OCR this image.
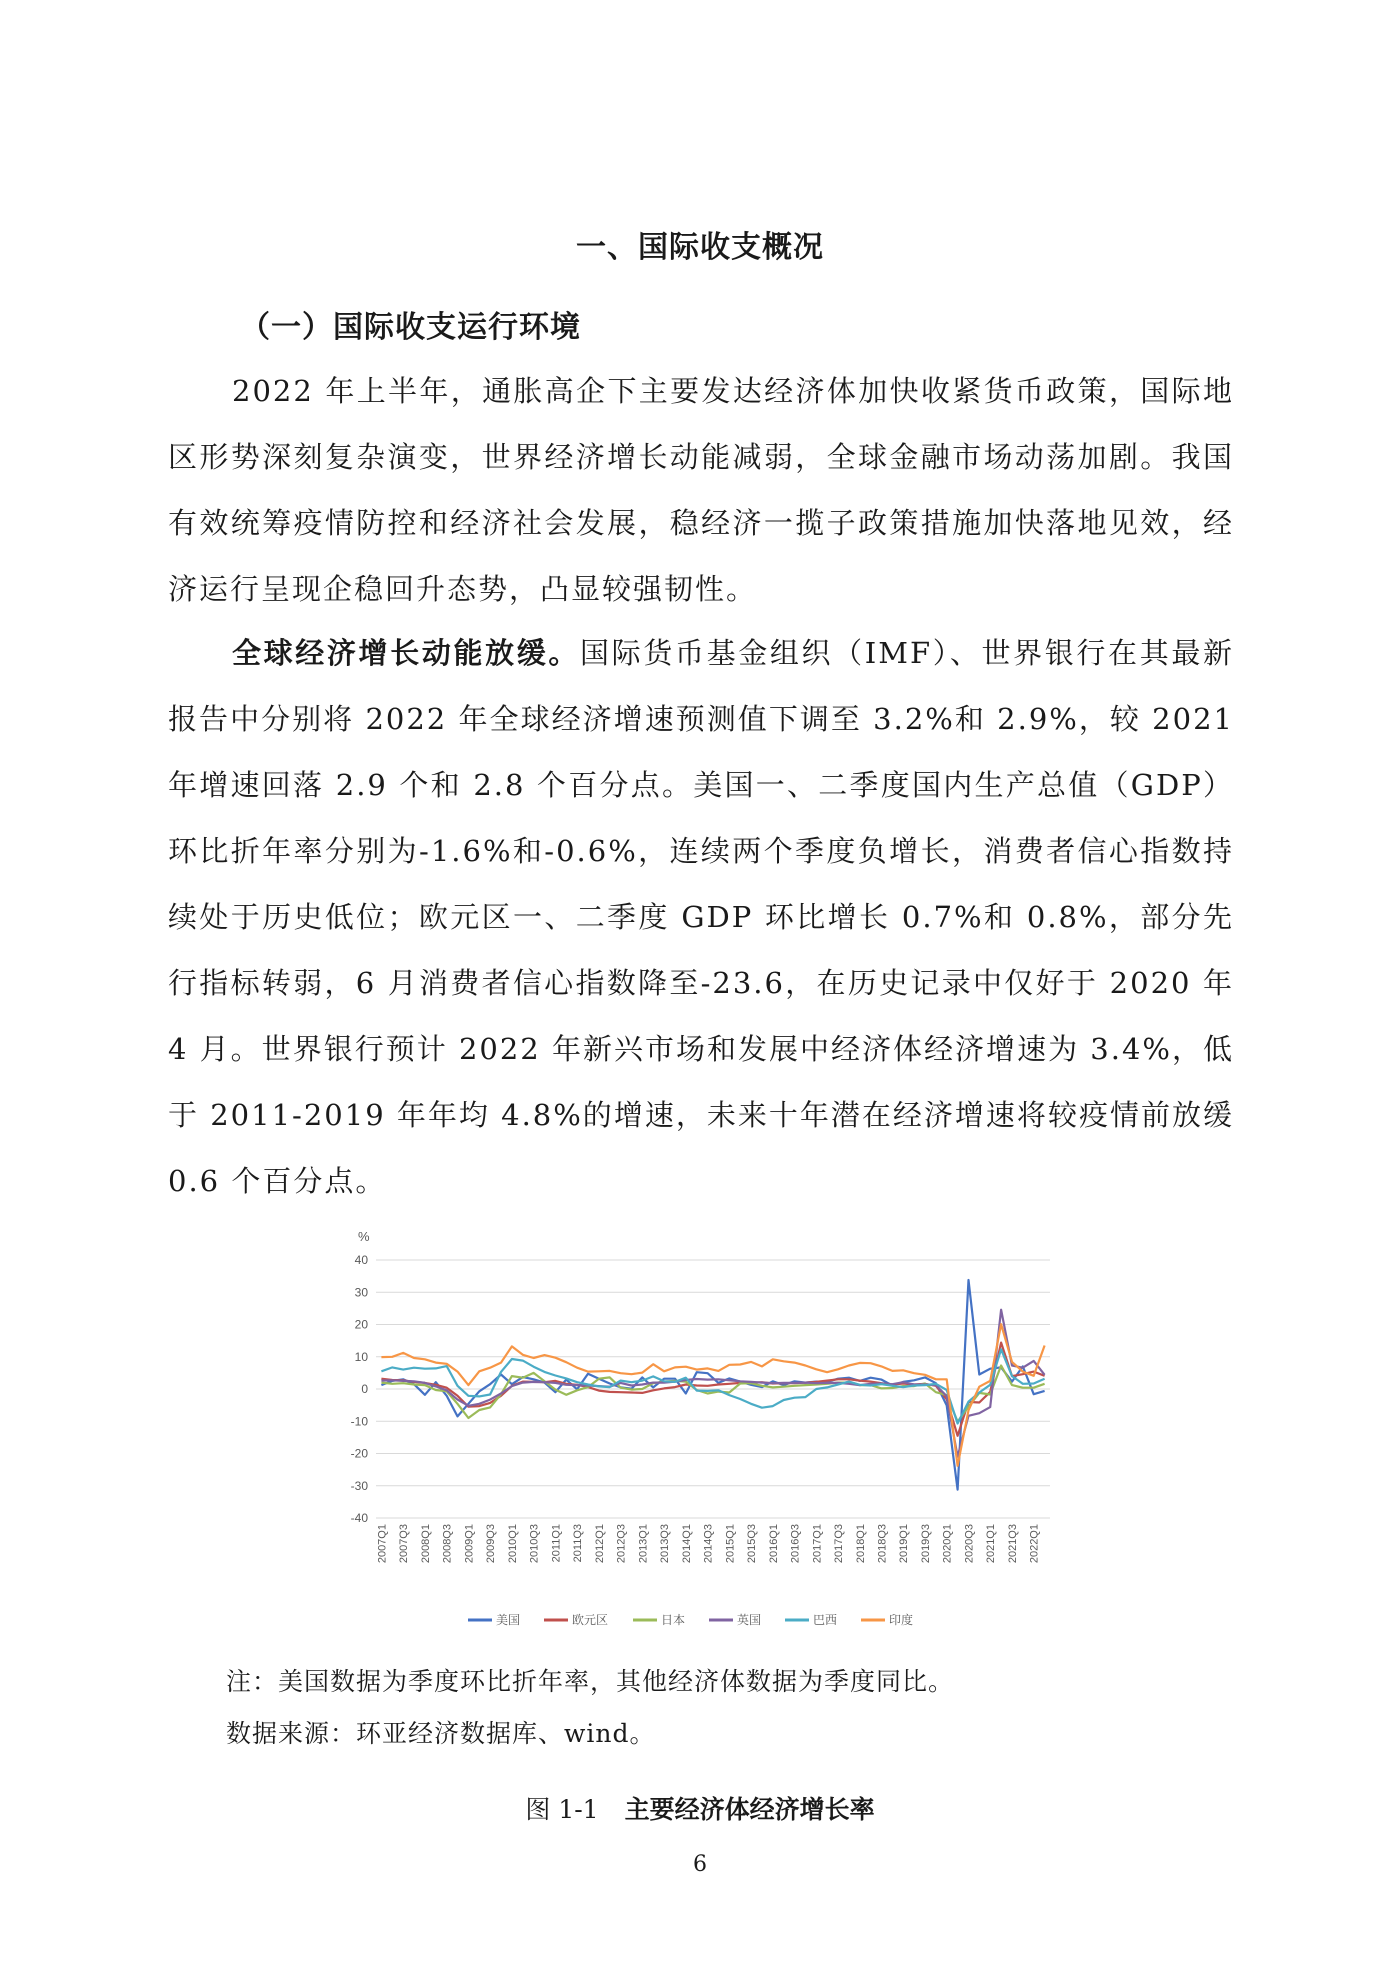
一、国际收支概况
（一）国际收支运行环境
2022 年上半年，通胀高企下主要发达经济体加快收紧货币政策，国际地区形势深刻复杂演变，世界经济增长动能减弱，全球金融市场动荡加剧。我国有效统筹疫情防控和经济社会发展，稳经济一揽子政策措施加快落地见效，经济运行呈现企稳回升态势，凸显较强韧性。
全球经济增长动能放缓。国际货币基金组织（IMF）、世界银行在其最新报告中分别将 2022 年全球经济增速预测值下调至 3.2%和 2.9%，较 2021 年增速回落 2.9 个和 2.8 个百分点。美国一、二季度国内生产总值（GDP）环比折年率分别为-1.6%和-0.6%，连续两个季度负增长，消费者信心指数持续处于历史低位；欧元区一、二季度 GDP 环比增长 0.7%和 0.8%，部分先行指标转弱，6 月消费者信心指数降至-23.6，在历史记录中仅好于 2020 年 4 月。世界银行预计 2022 年新兴市场和发展中经济体经济增速为 3.4%，低于 2011-2019 年年均 4.8%的增速，未来十年潜在经济增速将较疫情前放缓 0.6 个百分点。
%
40
30
20
10
0
-10
-20
-30
-40
2007Q1 2007Q3 2008Q1 2008Q3 2009Q1 2009Q3 2010Q1 2010Q3 2011Q1 2011Q3 2012Q1 2012Q3 2013Q1 2013Q3 2014Q1 2014Q3 2015Q1 2015Q3 2016Q1 2016Q3 2017Q1 2017Q3 2018Q1 2018Q3 2019Q1 2019Q3 2020Q1 2020Q3 2021Q1 2021Q3 2022Q1
美国	欧元区	日本	英国	巴西	印度
注：美国数据为季度环比折年率，其他经济体数据为季度同比。
数据来源：环亚经济数据库、wind。
图 1-1 主要经济体经济增长率
6
